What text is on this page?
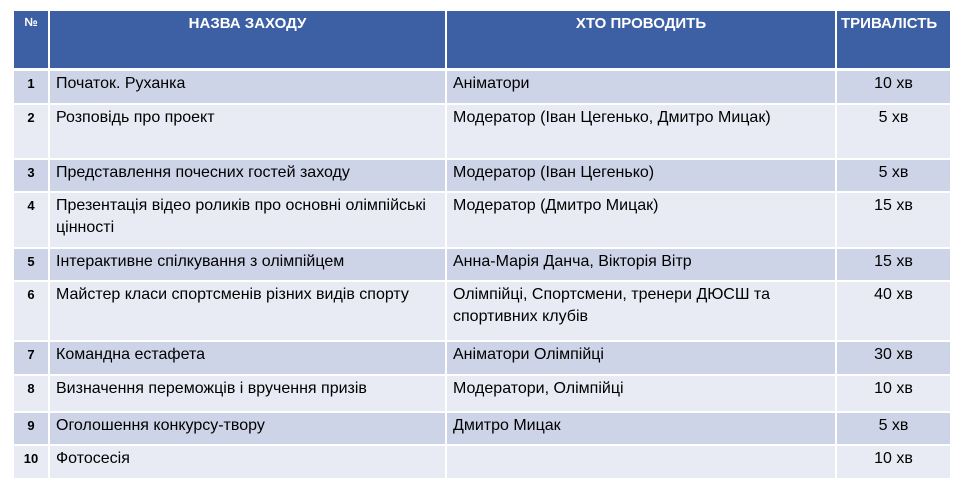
№	НАЗВА ЗАХОДУ	ХТО ПРОВОДИТЬ	ТРИВАЛІСТЬ
1	Початок. Руханка	Аніматори	10 хв
2	Розповідь про проект	Модератор (Іван Цегенько, Дмитро Мицак)	5 хв
3	Представлення почесних гостей заходу	Модератор (Іван Цегенько)	5 хв
4	Презентація відео роликів про основні олімпійські цінності	Модератор (Дмитро Мицак)	15 хв
5	Інтерактивне спілкування з олімпійцем	Анна-Марія Данча, Вікторія Вітр	15 хв
6	Майстер класи спортсменів різних видів спорту	Олімпійці, Спортсмени, тренери ДЮСШ та спортивних клубів	40 хв
7	Командна естафета	Аніматори Олімпійці	30 хв
8	Визначення переможців і вручення призів	Модератори, Олімпійці	10 хв
9	Оголошення конкурсу-твору	Дмитро Мицак	5 хв
10	Фотосесія		10 хв
